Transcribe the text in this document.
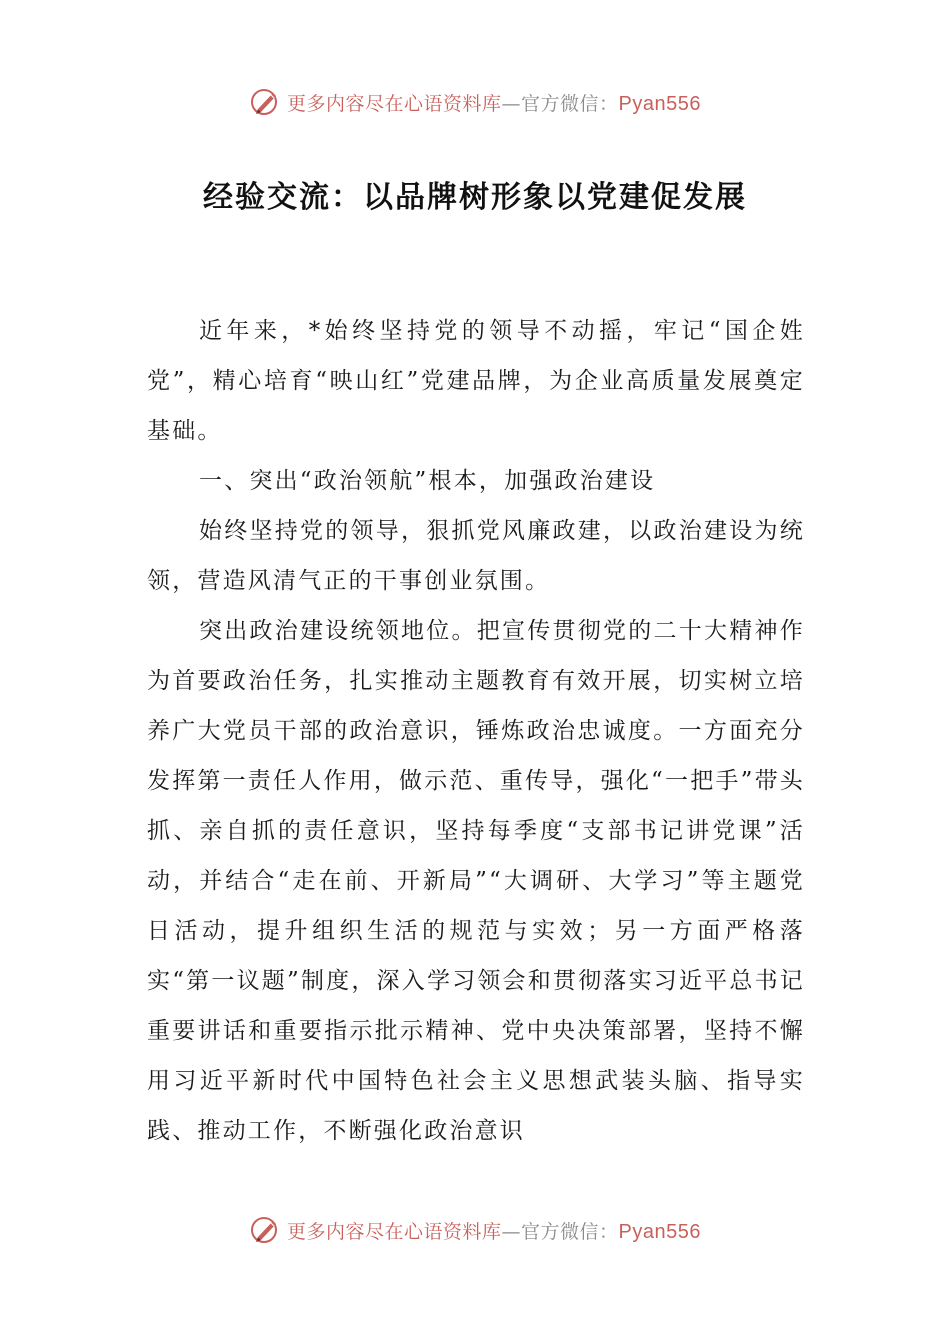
更多内容尽在心语资料库—官方微信：Pyan556
经验交流：以品牌树形象以党建促发展

近年来，*始终坚持党的领导不动摇，牢记“国企姓党”，精心培育“映山红”党建品牌，为企业高质量发展奠定基础。

一、突出“政治领航”根本，加强政治建设

始终坚持党的领导，狠抓党风廉政建，以政治建设为统领，营造风清气正的干事创业氛围。

突出政治建设统领地位。把宣传贯彻党的二十大精神作为首要政治任务，扎实推动主题教育有效开展，切实树立培养广大党员干部的政治意识，锤炼政治忠诚度。一方面充分发挥第一责任人作用，做示范、重传导，强化“一把手”带头抓、亲自抓的责任意识，坚持每季度“支部书记讲党课”活动，并结合“走在前、开新局”“大调研、大学习”等主题党日活动，提升组织生活的规范与实效；另一方面严格落实“第一议题”制度，深入学习领会和贯彻落实习近平总书记重要讲话和重要指示批示精神、党中央决策部署，坚持不懈用习近平新时代中国特色社会主义思想武装头脑、指导实践、推动工作，不断强化政治意识

更多内容尽在心语资料库—官方微信：Pyan556
